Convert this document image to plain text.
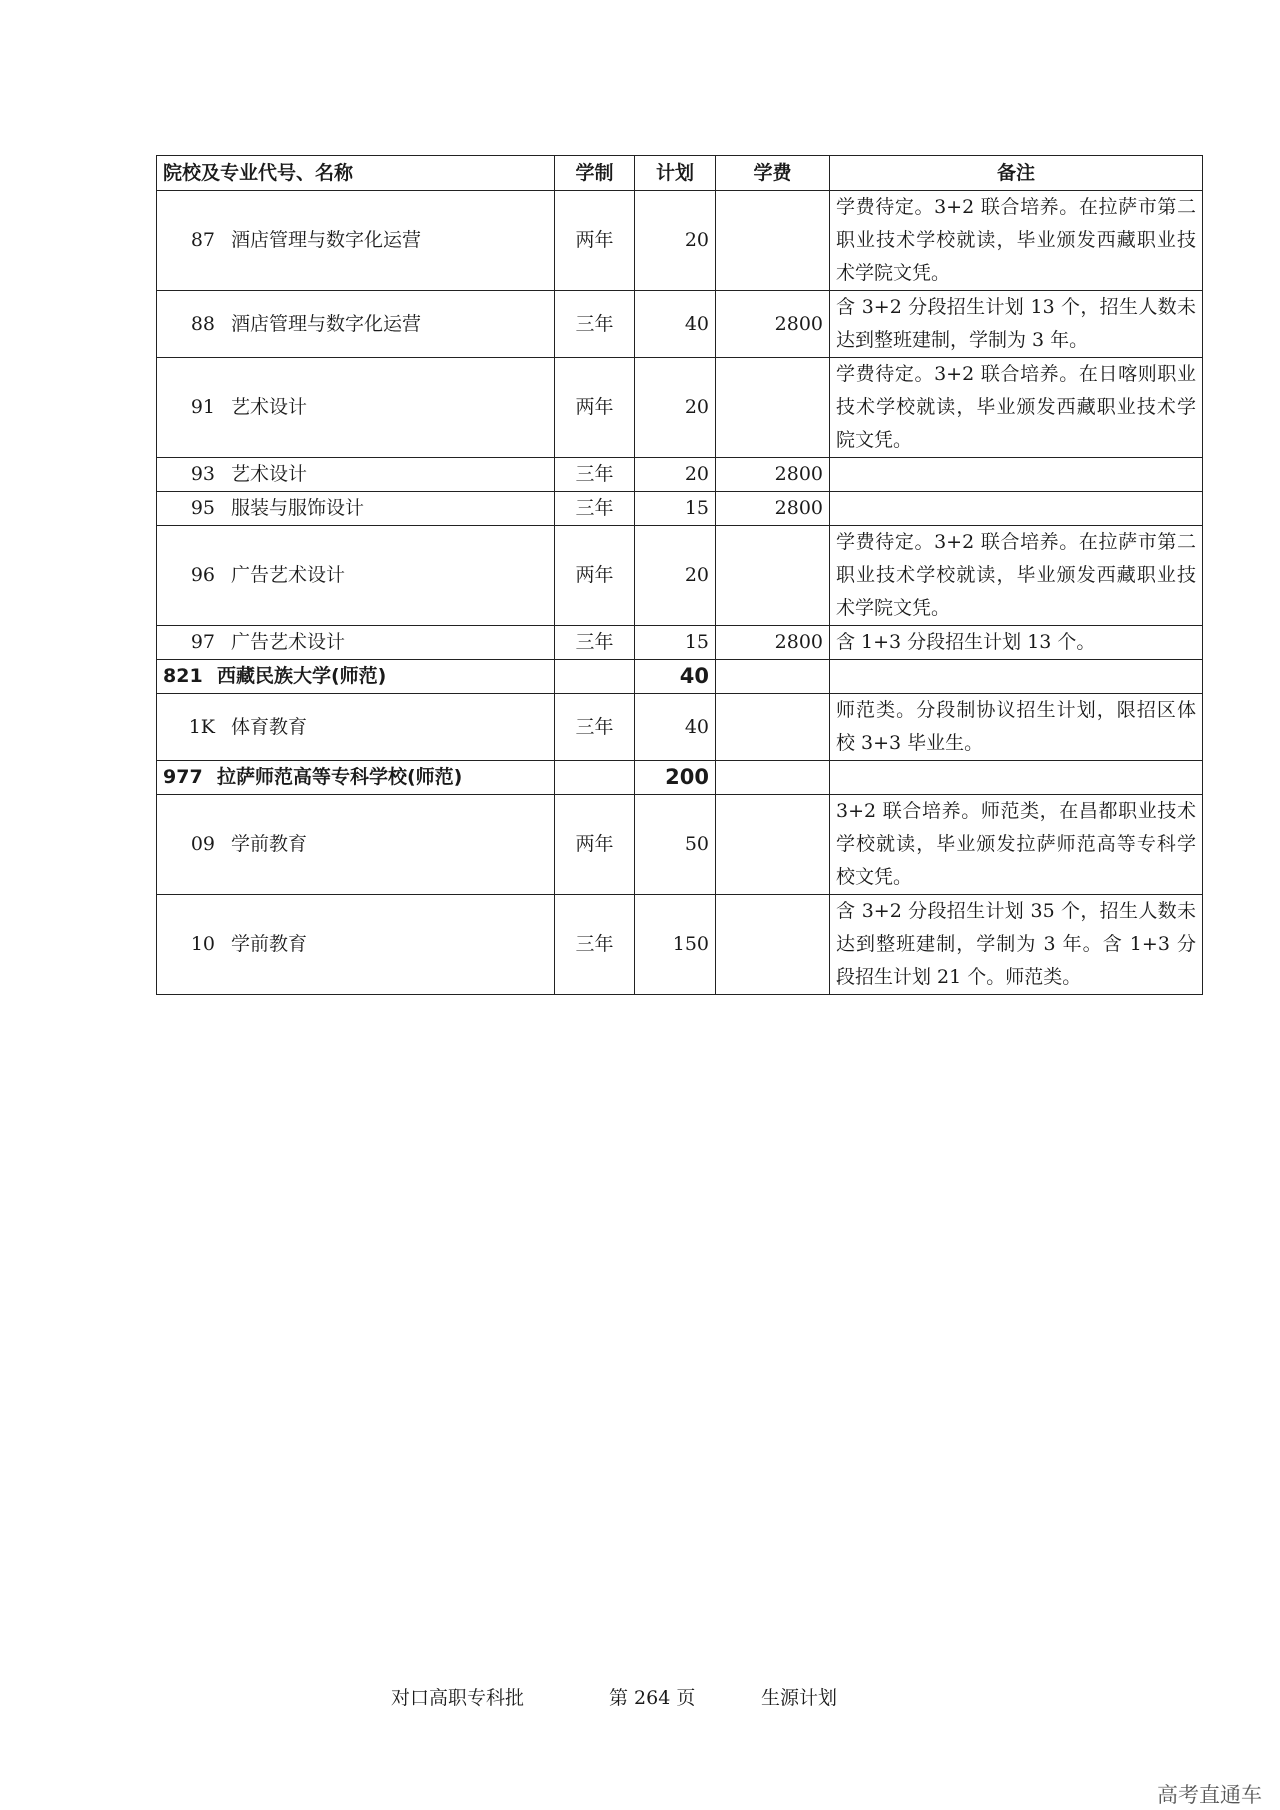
院校及专业代号、名称	学制	计划	学费	备注
87 酒店管理与数字化运营	两年	20		学费待定。3+2 联合培养。在拉萨市第二职业技术学校就读，毕业颁发西藏职业技术学院文凭。
88 酒店管理与数字化运营	三年	40	2800	含 3+2 分段招生计划 13 个，招生人数未达到整班建制，学制为 3 年。
91 艺术设计	两年	20		学费待定。3+2 联合培养。在日喀则职业技术学校就读，毕业颁发西藏职业技术学院文凭。
93 艺术设计	三年	20	2800	
95 服装与服饰设计	三年	15	2800	
96 广告艺术设计	两年	20		学费待定。3+2 联合培养。在拉萨市第二职业技术学校就读，毕业颁发西藏职业技术学院文凭。
97 广告艺术设计	三年	15	2800	含 1+3 分段招生计划 13 个。
821 西藏民族大学(师范)		40		
1K 体育教育	三年	40		师范类。分段制协议招生计划，限招区体校 3+3 毕业生。
977 拉萨师范高等专科学校(师范)		200		
09 学前教育	两年	50		3+2 联合培养。师范类，在昌都职业技术学校就读，毕业颁发拉萨师范高等专科学校文凭。
10 学前教育	三年	150		含 3+2 分段招生计划 35 个，招生人数未达到整班建制，学制为 3 年。含 1+3 分段招生计划 21 个。师范类。
对口高职专科批	第 264 页	生源计划
高考直通车
